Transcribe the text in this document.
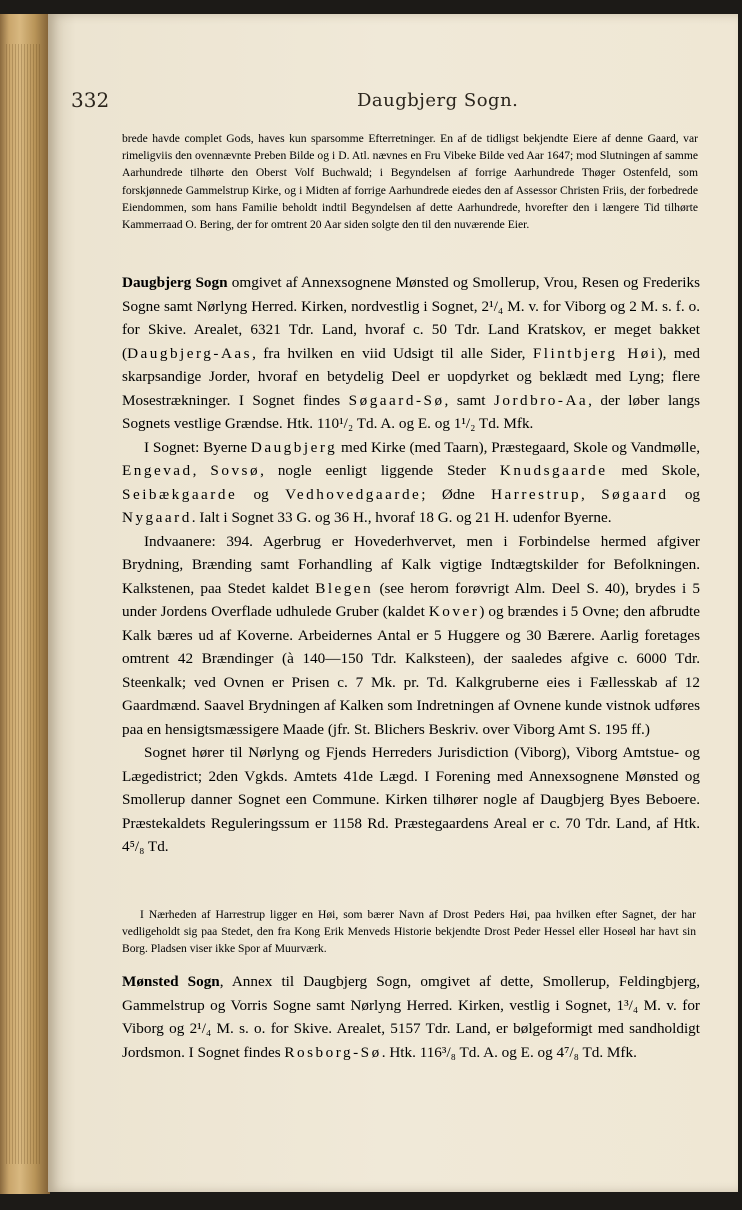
332	Daugbjerg Sogn.

brede havde complet Gods, haves kun sparsomme Efterretninger. En af de tidligst bekjendte Eiere af denne Gaard, var rimeligviis den ovennævnte Preben Bilde og i D. Atl. nævnes en Fru Vibeke Bilde ved Aar 1647; mod Slutningen af samme Aarhundrede tilhørte den Oberst Volf Buchwald; i Begyndelsen af forrige Aarhundrede Thøger Ostenfeld, som forskjønnede Gammelstrup Kirke, og i Midten af forrige Aarhundrede eiedes den af Assessor Christen Friis, der forbedrede Eiendommen, som hans Familie beholdt indtil Begyndelsen af dette Aarhundrede, hvorefter den i længere Tid tilhørte Kammerraad O. Bering, der for omtrent 20 Aar siden solgte den til den nuværende Eier.

Daugbjerg Sogn omgivet af Annexsognene Mønsted og Smollerup, Vrou, Resen og Frederiks Sogne samt Nørlyng Herred. Kirken, nordvestlig i Sognet, 2¹/₄ M. v. for Viborg og 2 M. s. f. o. for Skive. Arealet, 6321 Tdr. Land, hvoraf c. 50 Tdr. Land Kratskov, er meget bakket (Daugbjerg-Aas, fra hvilken en viid Udsigt til alle Sider, Flintbjerg Høi), med skarpsandige Jorder, hvoraf en betydelig Deel er uopdyrket og beklædt med Lyng; flere Mosestrækninger. I Sognet findes Søgaard-Sø, samt Jordbro-Aa, der løber langs Sognets vestlige Grændse. Htk. 110¹/₂ Td. A. og E. og 1¹/₂ Td. Mfk.

I Sognet: Byerne Daugbjerg med Kirke (med Taarn), Præstegaard, Skole og Vandmølle, Engevad, Sovsø, nogle eenligt liggende Steder Knudsgaarde med Skole, Seibækgaarde og Vedhovedgaarde; Ødne Harrestrup, Søgaard og Nygaard. Ialt i Sognet 33 G. og 36 H., hvoraf 18 G. og 21 H. udenfor Byerne.

Indvaanere: 394. Agerbrug er Hovederhvervet, men i Forbindelse hermed afgiver Brydning, Brænding samt Forhandling af Kalk vigtige Indtægtskilder for Befolkningen. Kalkstenen, paa Stedet kaldet Blegen (see herom forøvrigt Alm. Deel S. 40), brydes i 5 under Jordens Overflade udhulede Gruber (kaldet Kover) og brændes i 5 Ovne; den afbrudte Kalk bæres ud af Koverne. Arbeidernes Antal er 5 Huggere og 30 Bærere. Aarlig foretages omtrent 42 Brændinger (à 140—150 Tdr. Kalksteen), der saaledes afgive c. 6000 Tdr. Steenkalk; ved Ovnen er Prisen c. 7 Mk. pr. Td. Kalkgruberne eies i Fællesskab af 12 Gaardmænd. Saavel Brydningen af Kalken som Indretningen af Ovnene kunde vistnok udføres paa en hensigtsmæssigere Maade (jfr. St. Blichers Beskriv. over Viborg Amt S. 195 ff.)

Sognet hører til Nørlyng og Fjends Herreders Jurisdiction (Viborg), Viborg Amtstue- og Lægedistrict; 2den Vgkds. Amtets 41de Lægd. I Forening med Annexsognene Mønsted og Smollerup danner Sognet een Commune. Kirken tilhører nogle af Daugbjerg Byes Beboere. Præstekaldets Reguleringssum er 1158 Rd. Præstegaardens Areal er c. 70 Tdr. Land, af Htk. 4⁵/₈ Td.

I Nærheden af Harrestrup ligger en Høi, som bærer Navn af Drost Peders Høi, paa hvilken efter Sagnet, der har vedligeholdt sig paa Stedet, den fra Kong Erik Menveds Historie bekjendte Drost Peder Hessel eller Hoseøl har havt sin Borg. Pladsen viser ikke Spor af Muurværk.

Mønsted Sogn, Annex til Daugbjerg Sogn, omgivet af dette, Smollerup, Feldingbjerg, Gammelstrup og Vorris Sogne samt Nørlyng Herred. Kirken, vestlig i Sognet, 1³/₄ M. v. for Viborg og 2¹/₄ M. s. o. for Skive. Arealet, 5157 Tdr. Land, er bølgeformigt med sandholdigt Jordsmon. I Sognet findes Rosborg-Sø. Htk. 116³/₈ Td. A. og E. og 4⁷/₈ Td. Mfk.
